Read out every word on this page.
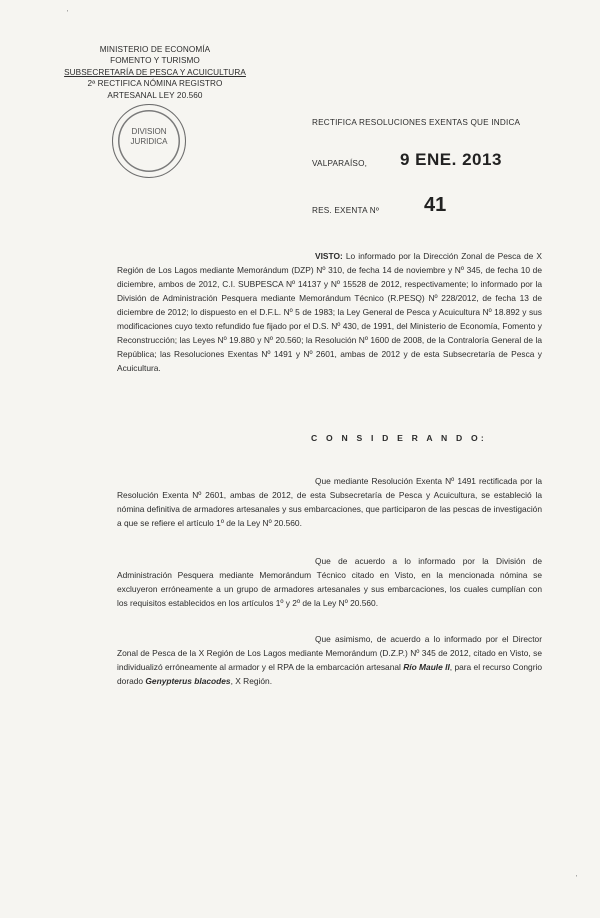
MINISTERIO DE ECONOMÍA
FOMENTO Y TURISMO
SUBSECRETARÍA DE PESCA Y ACUICULTURA
2ª RECTIFICA NÓMINA REGISTRO
ARTESANAL LEY 20.560
DIVISION
JURIDICA
RECTIFICA RESOLUCIONES EXENTAS QUE INDICA
VALPARAÍSO, 9 ENE. 2013
RES. EXENTA Nº 41
VISTO: Lo informado por la Dirección Zonal de Pesca de X Región de Los Lagos mediante Memorándum (DZP) Nº 310, de fecha 14 de noviembre y Nº 345, de fecha 10 de diciembre, ambos de 2012, C.I. SUBPESCA Nº 14137 y Nº 15528 de 2012, respectivamente; lo informado por la División de Administración Pesquera mediante Memorándum Técnico (R.PESQ) Nº 228/2012, de fecha 13 de diciembre de 2012; lo dispuesto en el D.F.L. Nº 5 de 1983; la Ley General de Pesca y Acuicultura Nº 18.892 y sus modificaciones cuyo texto refundido fue fijado por el D.S. Nº 430, de 1991, del Ministerio de Economía, Fomento y Reconstrucción; las Leyes Nº 19.880 y Nº 20.560; la Resolución Nº 1600 de 2008, de la Contraloría General de la República; las Resoluciones Exentas Nº 1491 y Nº 2601, ambas de 2012 y de esta Subsecretaría de Pesca y Acuicultura.
C O N S I D E R A N D O:
Que mediante Resolución Exenta Nº 1491 rectificada por la Resolución Exenta Nº 2601, ambas de 2012, de esta Subsecretaría de Pesca y Acuicultura, se estableció la nómina definitiva de armadores artesanales y sus embarcaciones, que participaron de las pescas de investigación a que se refiere el artículo 1º de la Ley Nº 20.560.
Que de acuerdo a lo informado por la División de Administración Pesquera mediante Memorándum Técnico citado en Visto, en la mencionada nómina se excluyeron erróneamente a un grupo de armadores artesanales y sus embarcaciones, los cuales cumplían con los requisitos establecidos en los artículos 1º y 2º de la Ley Nº 20.560.
Que asimismo, de acuerdo a lo informado por el Director Zonal de Pesca de la X Región de Los Lagos mediante Memorándum (D.Z.P.) Nº 345 de 2012, citado en Visto, se individualizó erróneamente al armador y el RPA de la embarcación artesanal Río Maule II, para el recurso Congrio dorado Genypterus blacodes, X Región.
'
'
